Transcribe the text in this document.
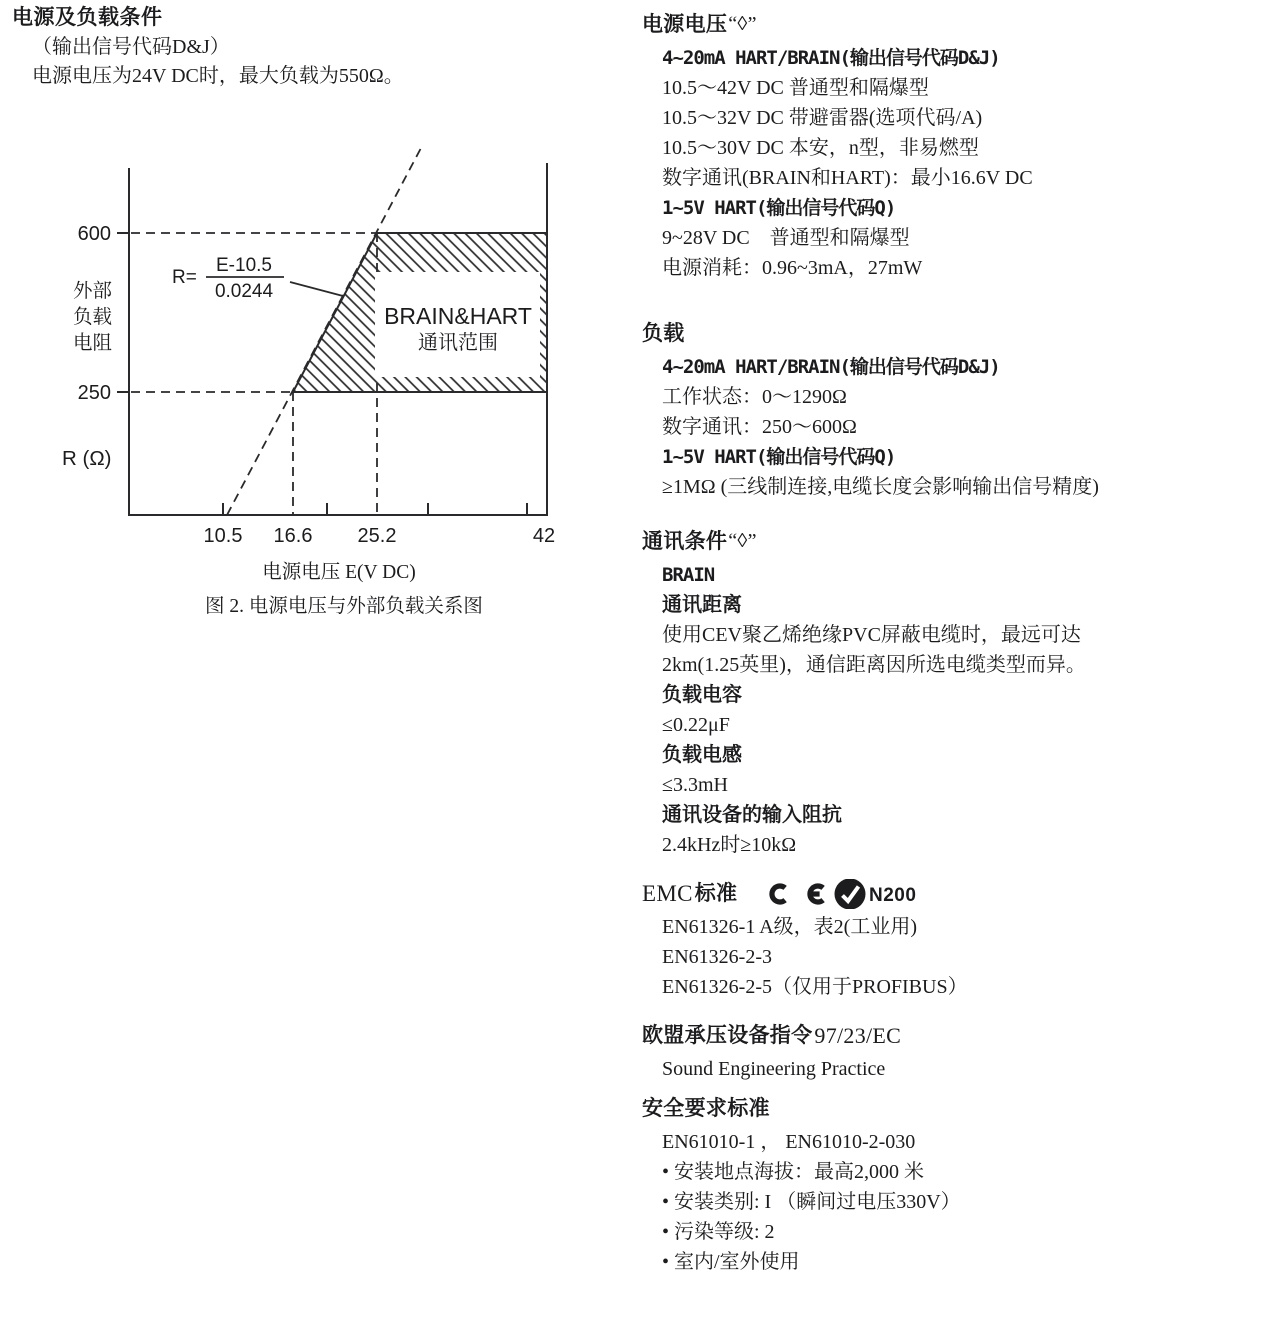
电源及负载条件
（输出信号代码D&J）
电源电压为24V DC时，最大负载为550Ω。
BRAIN&HART
通讯范围
600
250
外部
负载
电阻
R (Ω)
10.5 16.6 25.2	42
电源电压 E(V DC)
图 2. 电源电压与外部负载关系图
R=
E-10.5
0.0244
电源电压 “◊”
4~20mA HART/BRAIN(输出信号代码D&J)
10.5～42V DC 普通型和隔爆型
10.5～32V DC 带避雷器(选项代码/A)
10.5～30V DC 本安，n型，非易燃型
数字通讯(BRAIN和HART)：最小16.6V DC
1~5V HART(输出信号代码Q)
9~28V DC　普通型和隔爆型
电源消耗：0.96~3mA，27mW
负载
4~20mA HART/BRAIN(输出信号代码D&J)
工作状态：0～1290Ω
数字通讯：250～600Ω
1~5V HART(输出信号代码Q)
≥1MΩ (三线制连接,电缆长度会影响输出信号精度)
通讯条件 “◊”
BRAIN
通讯距离
使用CEV聚乙烯绝缘PVC屏蔽电缆时，最远可达
2km(1.25英里)，通信距离因所选电缆类型而异。
负载电容
≤0.22μF
负载电感
≤3.3mH
通讯设备的输入阻抗
2.4kHz时≥10kΩ
EMC 标准	N200
EN61326-1 A级，表2(工业用)
EN61326-2-3
EN61326-2-5（仅用于PROFIBUS）
欧盟承压设备指令 97/23/EC
Sound Engineering Practice
安全要求标准
EN61010-1 ， EN61010-2-030
• 安装地点海拔：最高2,000 米
• 安装类别: I （瞬间过电压330V）
• 污染等级: 2
• 室内/室外使用
